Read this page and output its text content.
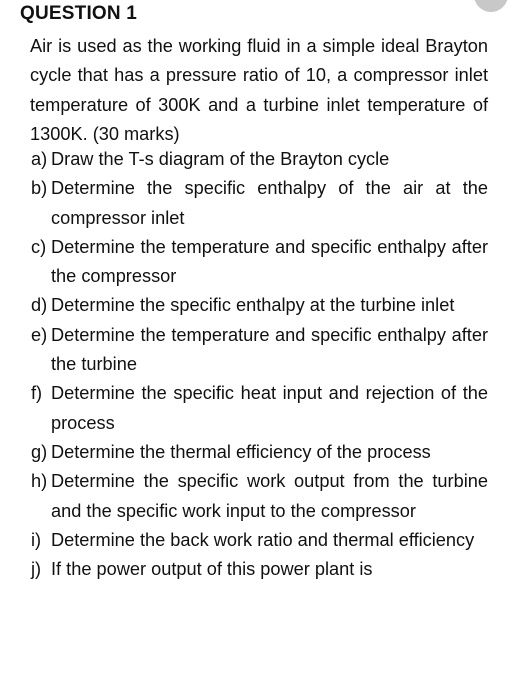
QUESTION 1
Air is used as the working fluid in a simple ideal Brayton cycle that has a pressure ratio of 10, a compressor inlet temperature of 300K and a turbine inlet temperature of 1300K. (30 marks)
a) Draw the T-s diagram of the Brayton cycle
b) Determine the specific enthalpy of the air at the compressor inlet
c) Determine the temperature and specific enthalpy after the compressor
d) Determine the specific enthalpy at the turbine inlet
e) Determine the temperature and specific enthalpy after the turbine
f) Determine the specific heat input and rejection of the process
g) Determine the thermal efficiency of the process
h) Determine the specific work output from the turbine and the specific work input to the compressor
i) Determine the back work ratio and thermal efficiency
j) If the power output of this power plant is
